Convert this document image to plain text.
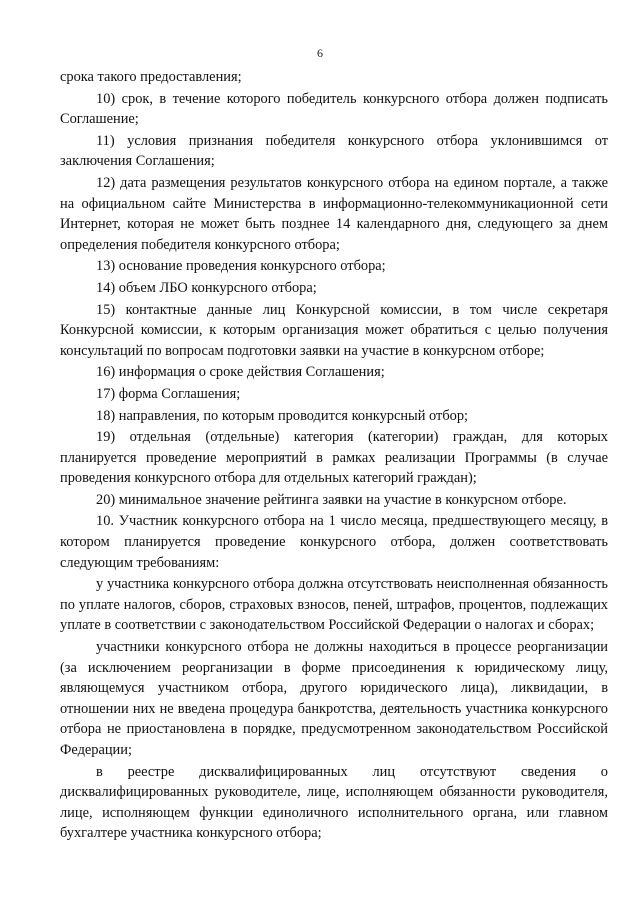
6

срока такого предоставления;

10) срок, в течение которого победитель конкурсного отбора должен подписать Соглашение;

11) условия признания победителя конкурсного отбора уклонившимся от заключения Соглашения;

12) дата размещения результатов конкурсного отбора на едином портале, а также на официальном сайте Министерства в информационно-телекоммуникационной сети Интернет, которая не может быть позднее 14 календарного дня, следующего за днем определения победителя конкурсного отбора;

13) основание проведения конкурсного отбора;

14) объем ЛБО конкурсного отбора;

15) контактные данные лиц Конкурсной комиссии, в том числе секретаря Конкурсной комиссии, к которым организация может обратиться с целью получения консультаций по вопросам подготовки заявки на участие в конкурсном отборе;

16) информация о сроке действия Соглашения;

17) форма Соглашения;

18) направления, по которым проводится конкурсный отбор;

19) отдельная (отдельные) категория (категории) граждан, для которых планируется проведение мероприятий в рамках реализации Программы (в случае проведения конкурсного отбора для отдельных категорий граждан);

20) минимальное значение рейтинга заявки на участие в конкурсном отборе.

10. Участник конкурсного отбора на 1 число месяца, предшествующего месяцу, в котором планируется проведение конкурсного отбора, должен соответствовать следующим требованиям:

у участника конкурсного отбора должна отсутствовать неисполненная обязанность по уплате налогов, сборов, страховых взносов, пеней, штрафов, процентов, подлежащих уплате в соответствии с законодательством Российской Федерации о налогах и сборах;

участники конкурсного отбора не должны находиться в процессе реорганизации (за исключением реорганизации в форме присоединения к юридическому лицу, являющемуся участником отбора, другого юридического лица), ликвидации, в отношении них не введена процедура банкротства, деятельность участника конкурсного отбора не приостановлена в порядке, предусмотренном законодательством Российской Федерации;

в реестре дисквалифицированных лиц отсутствуют сведения о дисквалифицированных руководителе, лице, исполняющем обязанности руководителя, лице, исполняющем функции единоличного исполнительного органа, или главном бухгалтере участника конкурсного отбора;
